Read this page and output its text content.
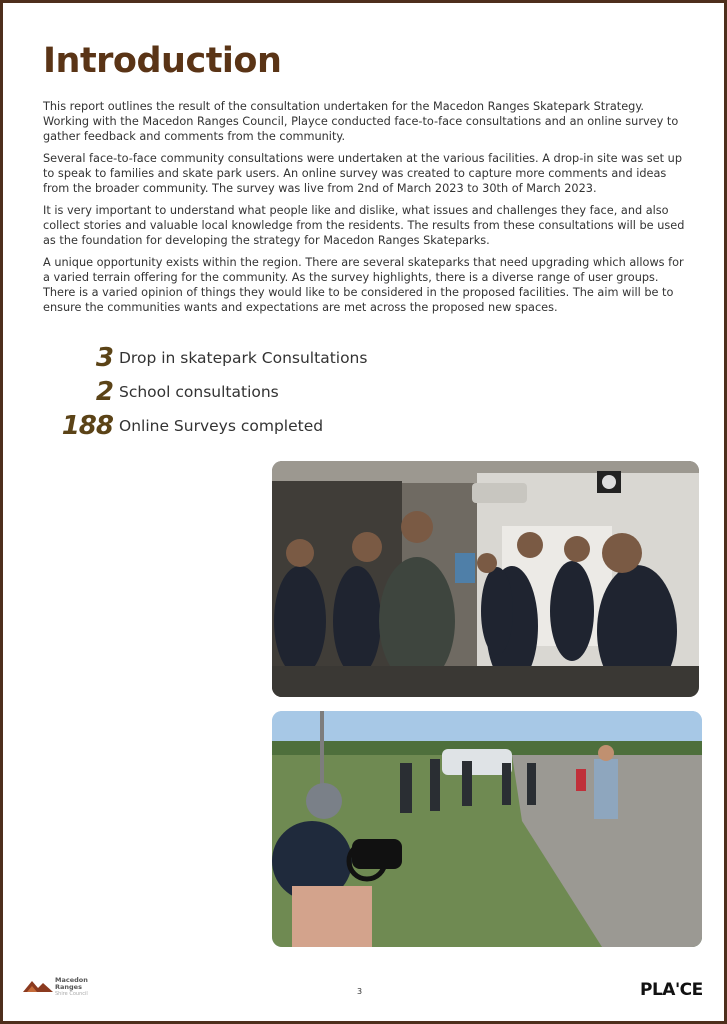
Introduction

This report outlines the result of the consultation undertaken for the Macedon Ranges Skatepark Strategy. Working with the Macedon Ranges Council, Playce conducted face-to-face consultations and an online survey to gather feedback and comments from the community.

Several face-to-face community consultations were undertaken at the various facilities. A drop-in site was set up to speak to families and skate park users. An online survey was created to capture more comments and ideas from the broader community. The survey was live from 2nd of March 2023 to 30th of March 2023.

It is very important to understand what people like and dislike, what issues and challenges they face, and also collect stories and valuable local knowledge from the residents. The results from these consultations will be used as the foundation for developing the strategy for Macedon Ranges Skateparks.

A unique opportunity exists within the region. There are several skateparks that need upgrading which allows for a varied terrain offering for the community. As the survey highlights, there is a diverse range of user groups. There is a varied opinion of things they would like to be considered in the proposed facilities. The aim will be to ensure the communities wants and expectations are met across the proposed new spaces.

3 Drop in skatepark Consultations
2 School consultations
188 Online Surveys completed
Macedon
Ranges
Shire Council	3	PLA'CE
